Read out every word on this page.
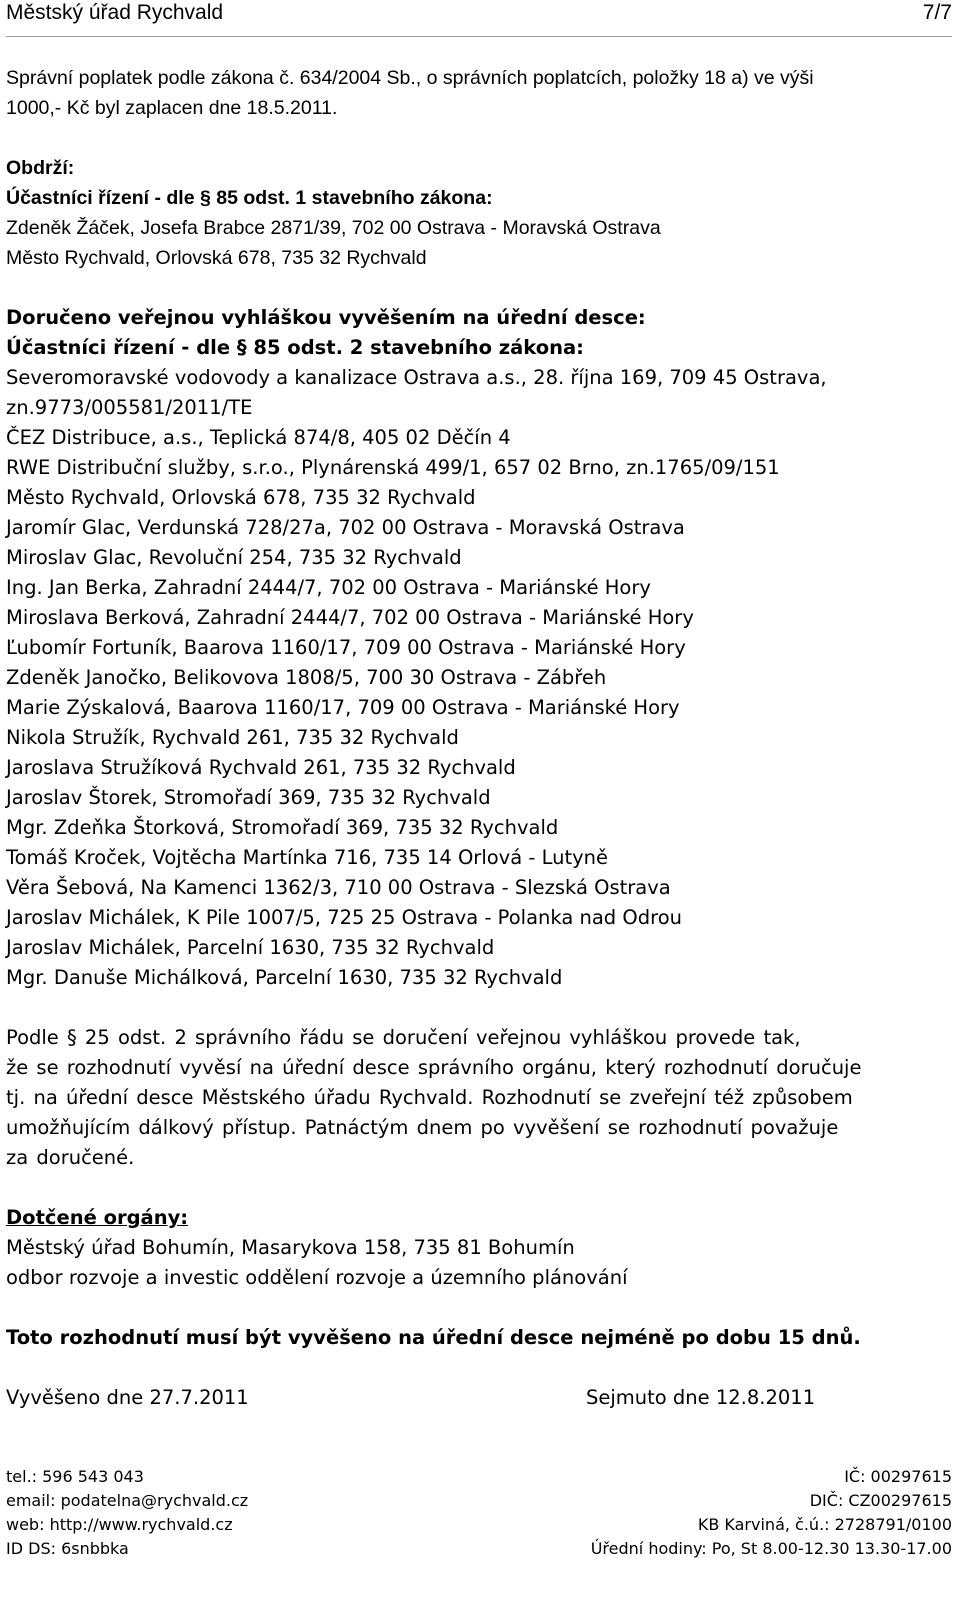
Městský úřad Rychvald	7/7
Správní poplatek podle zákona č. 634/2004 Sb., o správních poplatcích, položky 18 a) ve výši
1000,- Kč byl zaplacen dne 18.5.2011.
Obdrží:
Účastníci řízení - dle § 85 odst. 1 stavebního zákona:
Zdeněk Žáček, Josefa Brabce 2871/39, 702 00 Ostrava - Moravská Ostrava
Město Rychvald, Orlovská 678, 735 32 Rychvald
Doručeno veřejnou vyhláškou vyvěšením na úřední desce:
Účastníci řízení - dle § 85 odst. 2 stavebního zákona:
Severomoravské vodovody a kanalizace Ostrava a.s., 28. října 169, 709 45 Ostrava,
zn.9773/005581/2011/TE
ČEZ Distribuce, a.s., Teplická 874/8, 405 02 Děčín 4
RWE Distribuční služby, s.r.o., Plynárenská 499/1, 657 02 Brno, zn.1765/09/151
Město Rychvald, Orlovská 678, 735 32 Rychvald
Jaromír Glac, Verdunská 728/27a, 702 00 Ostrava - Moravská Ostrava
Miroslav Glac, Revoluční 254, 735 32 Rychvald
Ing. Jan Berka, Zahradní 2444/7, 702 00 Ostrava - Mariánské Hory
Miroslava Berková, Zahradní 2444/7, 702 00 Ostrava - Mariánské Hory
Ľubomír Fortuník, Baarova 1160/17, 709 00 Ostrava - Mariánské Hory
Zdeněk Janočko, Belikovova 1808/5, 700 30 Ostrava - Zábřeh
Marie Zýskalová, Baarova 1160/17, 709 00 Ostrava - Mariánské Hory
Nikola Stružík, Rychvald 261, 735 32 Rychvald
Jaroslava Stružíková Rychvald 261, 735 32 Rychvald
Jaroslav Štorek, Stromořadí 369, 735 32 Rychvald
Mgr. Zdeňka Štorková, Stromořadí 369, 735 32 Rychvald
Tomáš Kroček, Vojtěcha Martínka 716, 735 14 Orlová - Lutyně
Věra Šebová, Na Kamenci 1362/3, 710 00 Ostrava - Slezská Ostrava
Jaroslav Michálek, K Pile 1007/5, 725 25 Ostrava - Polanka nad Odrou
Jaroslav Michálek, Parcelní 1630, 735 32 Rychvald
Mgr. Danuše Michálková, Parcelní 1630, 735 32 Rychvald
Podle § 25 odst. 2 správního řádu se doručení veřejnou vyhláškou provede tak,
že se rozhodnutí vyvěsí na úřední desce správního orgánu, který rozhodnutí doručuje
tj. na úřední desce Městského úřadu Rychvald. Rozhodnutí se zveřejní též způsobem
umožňujícím dálkový přístup. Patnáctým dnem po vyvěšení se rozhodnutí považuje
za doručené.
Dotčené orgány:
Městský úřad Bohumín, Masarykova 158, 735 81 Bohumín
odbor rozvoje a investic oddělení rozvoje a územního plánování
Toto rozhodnutí musí být vyvěšeno na úřední desce nejméně po dobu 15 dnů.
Vyvěšeno dne 27.7.2011	Sejmuto dne 12.8.2011
tel.: 596 543 043	IČ: 00297615
email: podatelna@rychvald.cz	DIČ: CZ00297615
web: http://www.rychvald.cz	KB Karviná, č.ú.: 2728791/0100
ID DS: 6snbbka	Úřední hodiny: Po, St 8.00-12.30 13.30-17.00
